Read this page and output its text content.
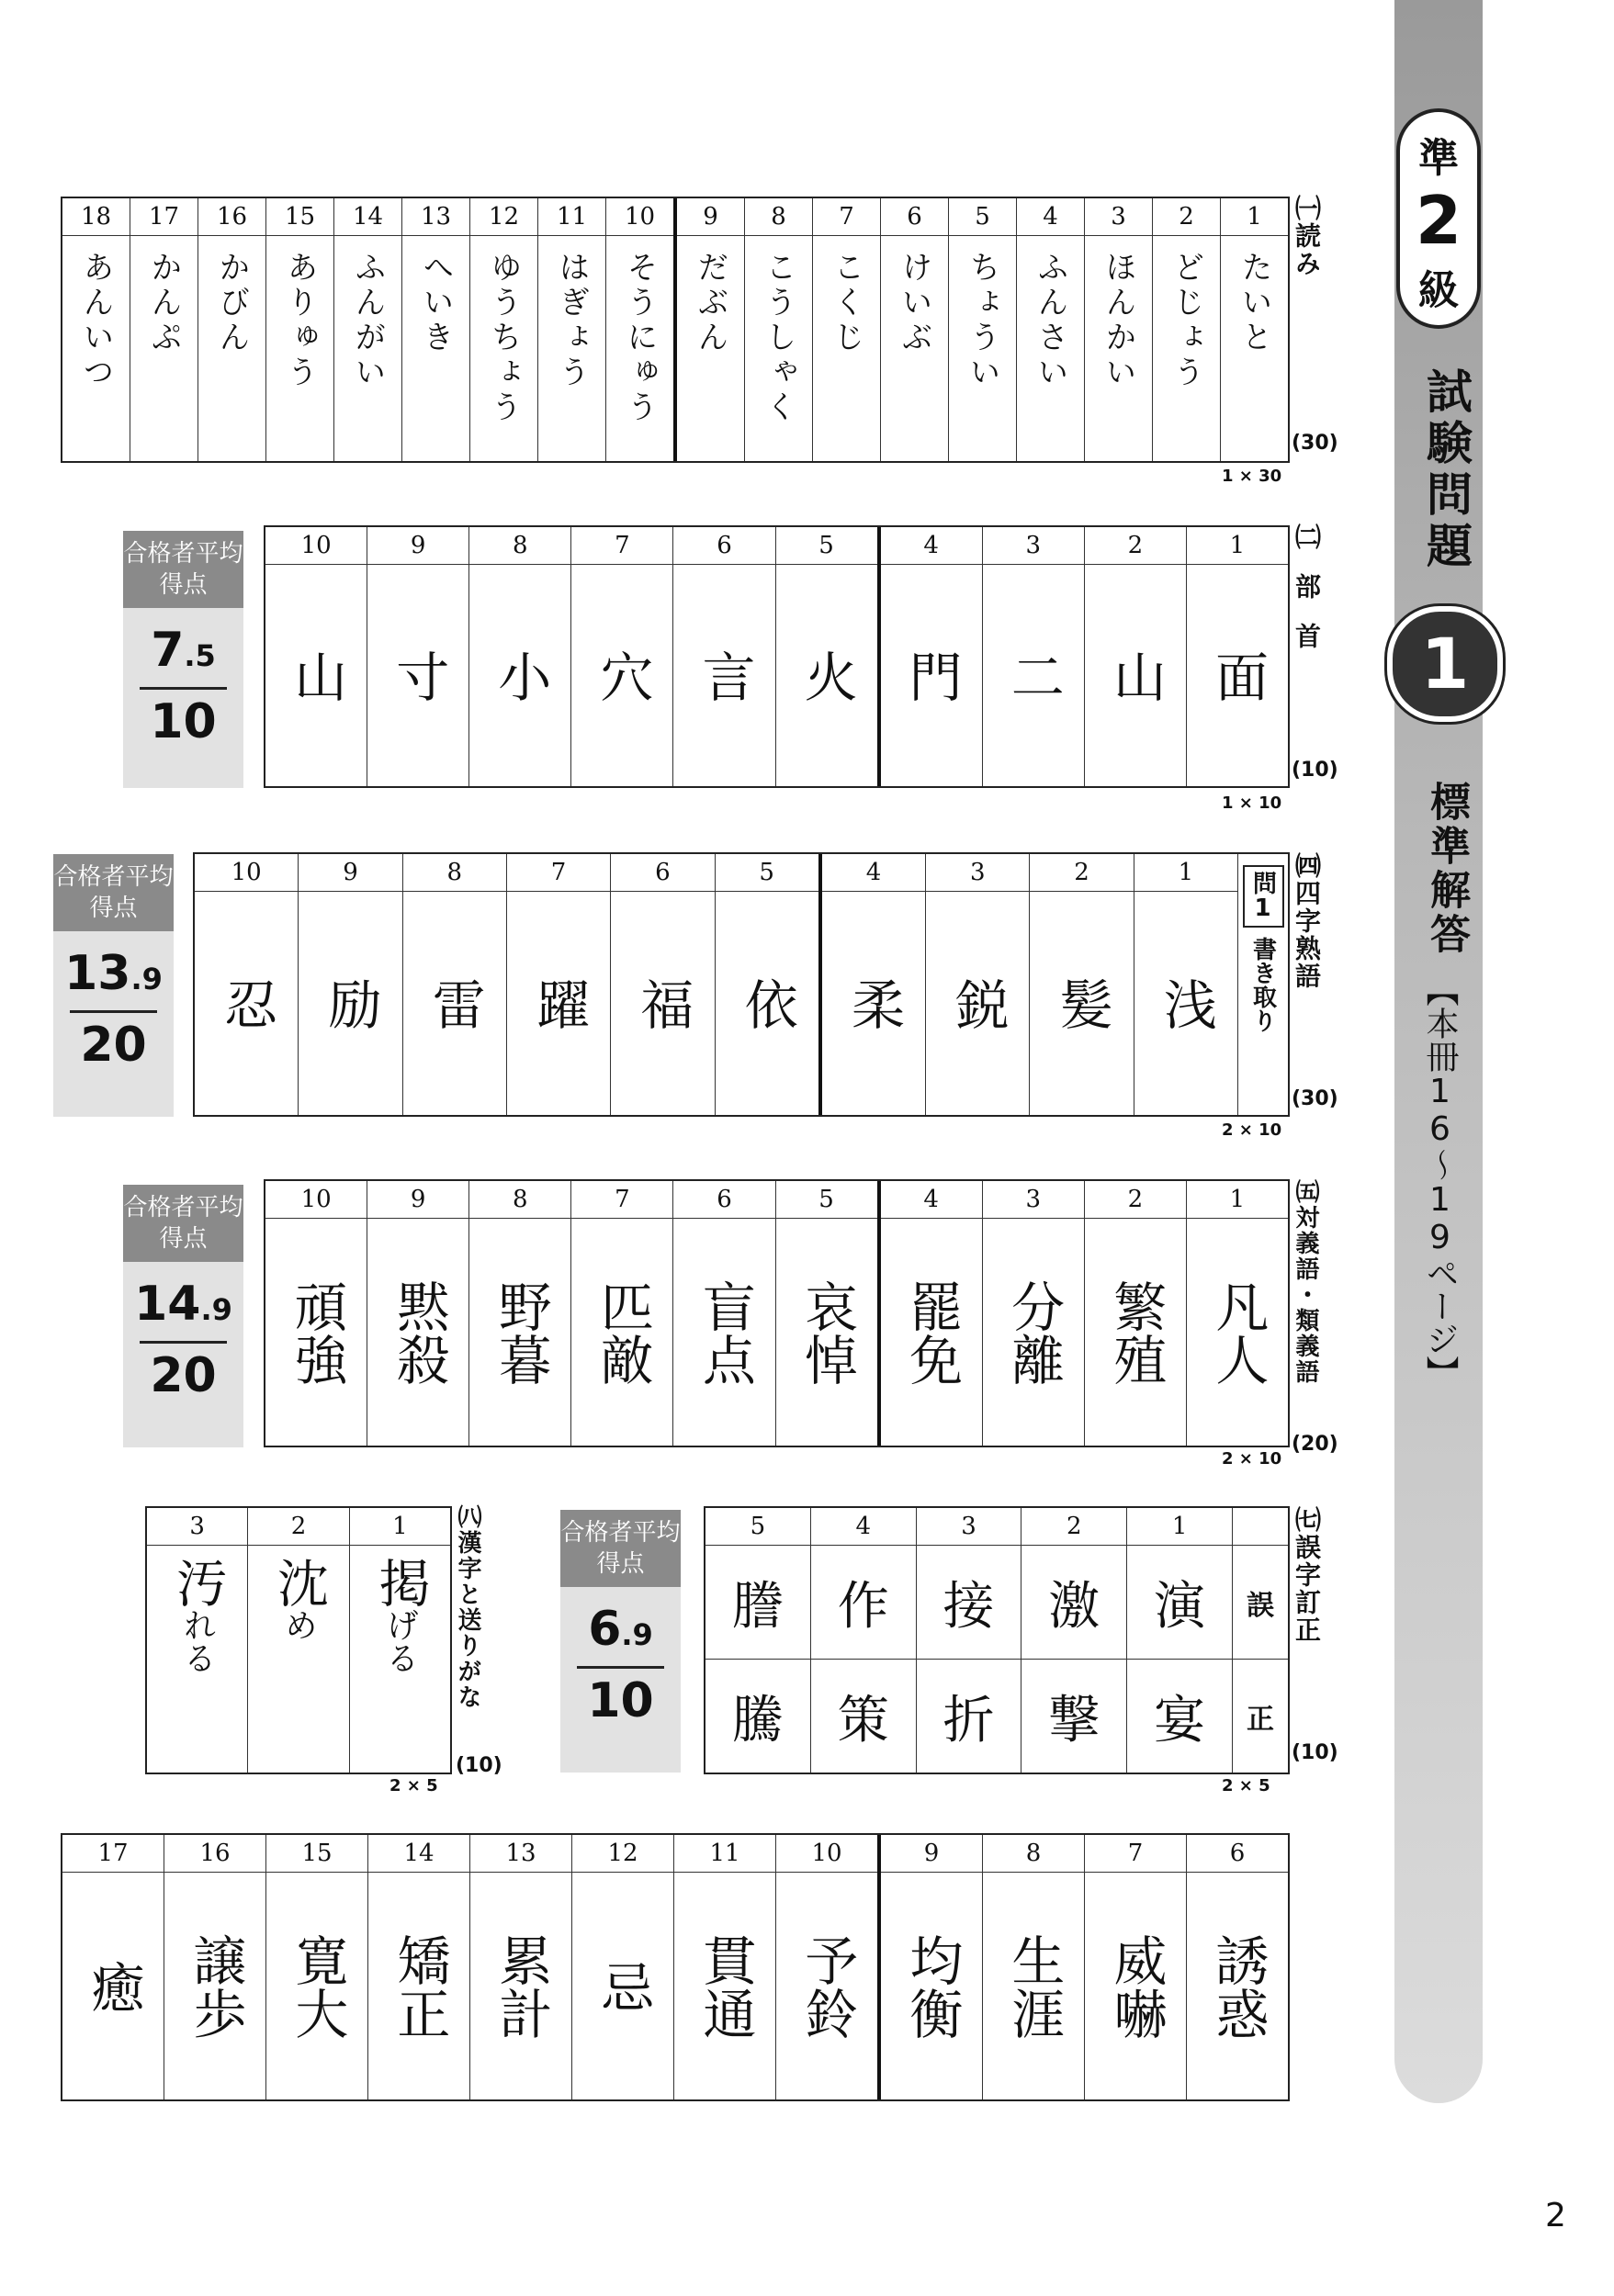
準
2
級
試験問題
1
標準解答
【本冊16～19ページ】
1
たいと
2
どじょう
3
ほんかい
4
ふんさい
5
ちょうい
6
けいぶ
7
こくじ
8
こうしゃく
9
だぶん
10
そうにゅう
11
はぎょう
12
ゆうちょう
13
へいき
14
ふんがい
15
ありゅう
16
かびん
17
かんぷ
18
あんいつ
㈠読み
(30)
1 × 30
合格者平均得点
7.5
10
1
面
2
山
3
二
4
門
5
火
6
言
7
穴
8
小
9
寸
10
山
㈡部首
(10)
1 × 10
合格者平均得点
13.9
20
問1
書き取り
1
浅
2
髪
3
鋭
4
柔
5
依
6
福
7
躍
8
雷
9
励
10
忍
㈣四字熟語
(30)
2 × 10
合格者平均得点
14.9
20
1
凡人
2
繁殖
3
分離
4
罷免
5
哀悼
6
盲点
7
匹敵
8
野暮
9
黙殺
10
頑強	㈤対義語・類義語
(20)
2 × 10
1
掲
げる
2
沈
め
3
汚
れる	㈧漢字と送りがな
(10)
2 × 5
合格者平均得点
6.9
10
誤
正
1
演
宴
2
激
撃
3
接
折
4
作
策
5
謄
騰
㈦誤字訂正
(10)
2 × 5
6
誘惑
7
威嚇
8
生涯
9
均衡
10
予鈴
11
貫通
12
忌
13
累計
14
矯正
15
寛大
16
譲歩
17
癒
2
